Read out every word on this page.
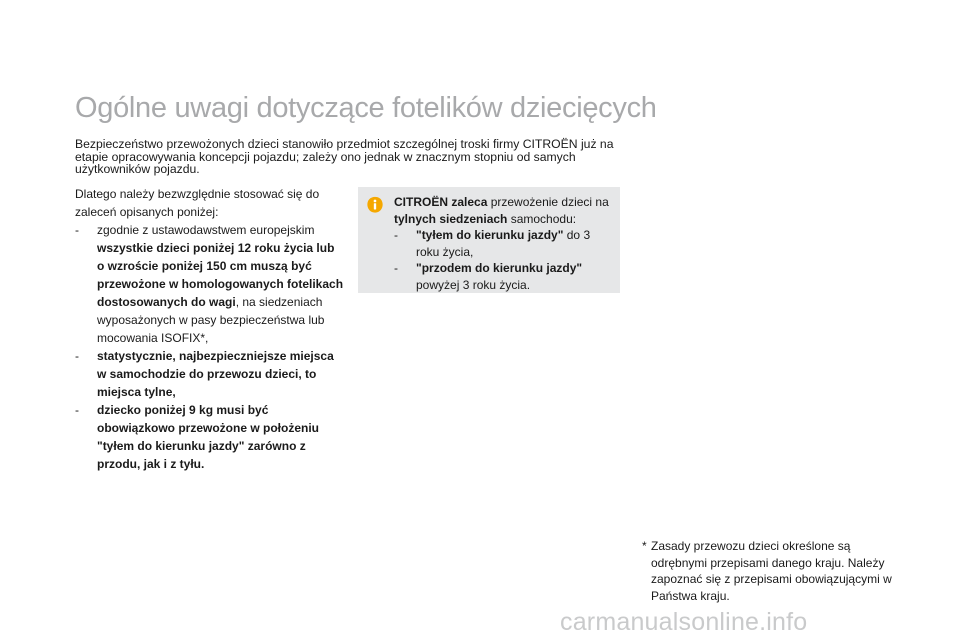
Ogólne uwagi dotyczące fotelików dziecięcych
Bezpieczeństwo przewożonych dzieci stanowiło przedmiot szczególnej troski firmy CITROËN już na etapie opracowywania koncepcji pojazdu; zależy ono jednak w znacznym stopniu od samych użytkowników pojazdu.

Dlatego należy bezwzględnie stosować się do zaleceń opisanych poniżej:

- zgodnie z ustawodawstwem europejskim wszystkie dzieci poniżej 12 roku życia lub o wzroście poniżej 150 cm muszą być przewożone w homologowanych fotelikach dostosowanych do wagi, na siedzeniach wyposażonych w pasy bezpieczeństwa lub mocowania ISOFIX*,
- statystycznie, najbezpieczniejsze miejsca w samochodzie do przewozu dzieci, to miejsca tylne,
- dziecko poniżej 9 kg musi być obowiązkowo przewożone w położeniu "tyłem do kierunku jazdy" zarówno z przodu, jak i z tyłu.

CITROËN zaleca przewożenie dzieci na tylnych siedzeniach samochodu:

- "tyłem do kierunku jazdy" do 3 roku życia,
- "przodem do kierunku jazdy" powyżej 3 roku życia.
* Zasady przewozu dzieci określone są odrębnymi przepisami danego kraju. Należy zapoznać się z przepisami obowiązującymi w Państwa kraju.
carmanualsonline.info
